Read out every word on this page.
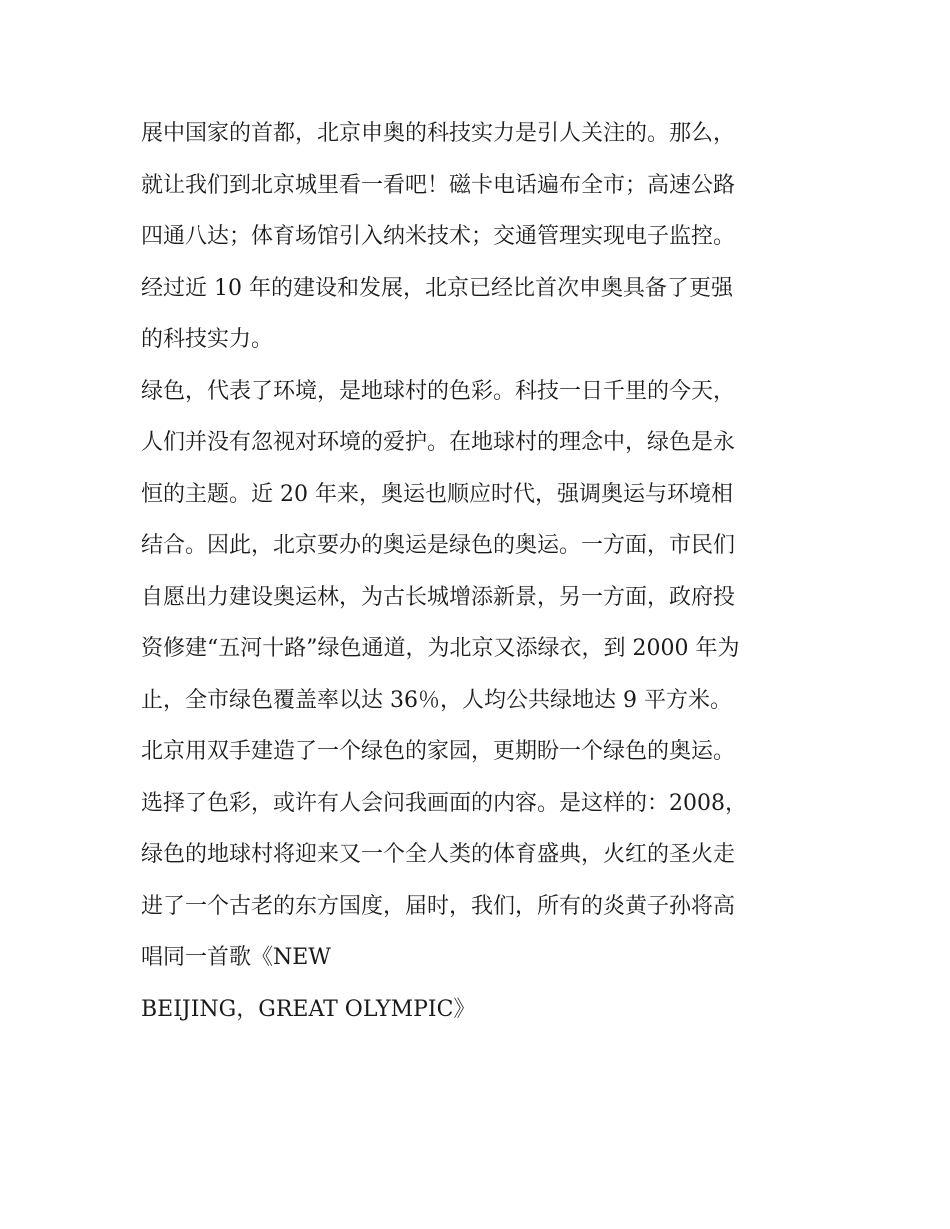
展中国家的首都，北京申奥的科技实力是引人关注的。那么，
就让我们到北京城里看一看吧！磁卡电话遍布全市；高速公路
四通八达；体育场馆引入纳米技术；交通管理实现电子监控。
经过近 10 年的建设和发展，北京已经比首次申奥具备了更强
的科技实力。
绿色，代表了环境，是地球村的色彩。科技一日千里的今天，
人们并没有忽视对环境的爱护。在地球村的理念中，绿色是永
恒的主题。近 20 年来，奥运也顺应时代，强调奥运与环境相
结合。因此，北京要办的奥运是绿色的奥运。一方面，市民们
自愿出力建设奥运林，为古长城增添新景，另一方面，政府投
资修建“五河十路”绿色通道，为北京又添绿衣，到 2000 年为
止，全市绿色覆盖率以达 36％，人均公共绿地达 9 平方米。
北京用双手建造了一个绿色的家园，更期盼一个绿色的奥运。
选择了色彩，或许有人会问我画面的内容。是这样的：2008，
绿色的地球村将迎来又一个全人类的体育盛典，火红的圣火走
进了一个古老的东方国度，届时，我们，所有的炎黄子孙将高
唱同一首歌《NEW
BEIJING，GREAT OLYMPIC》
